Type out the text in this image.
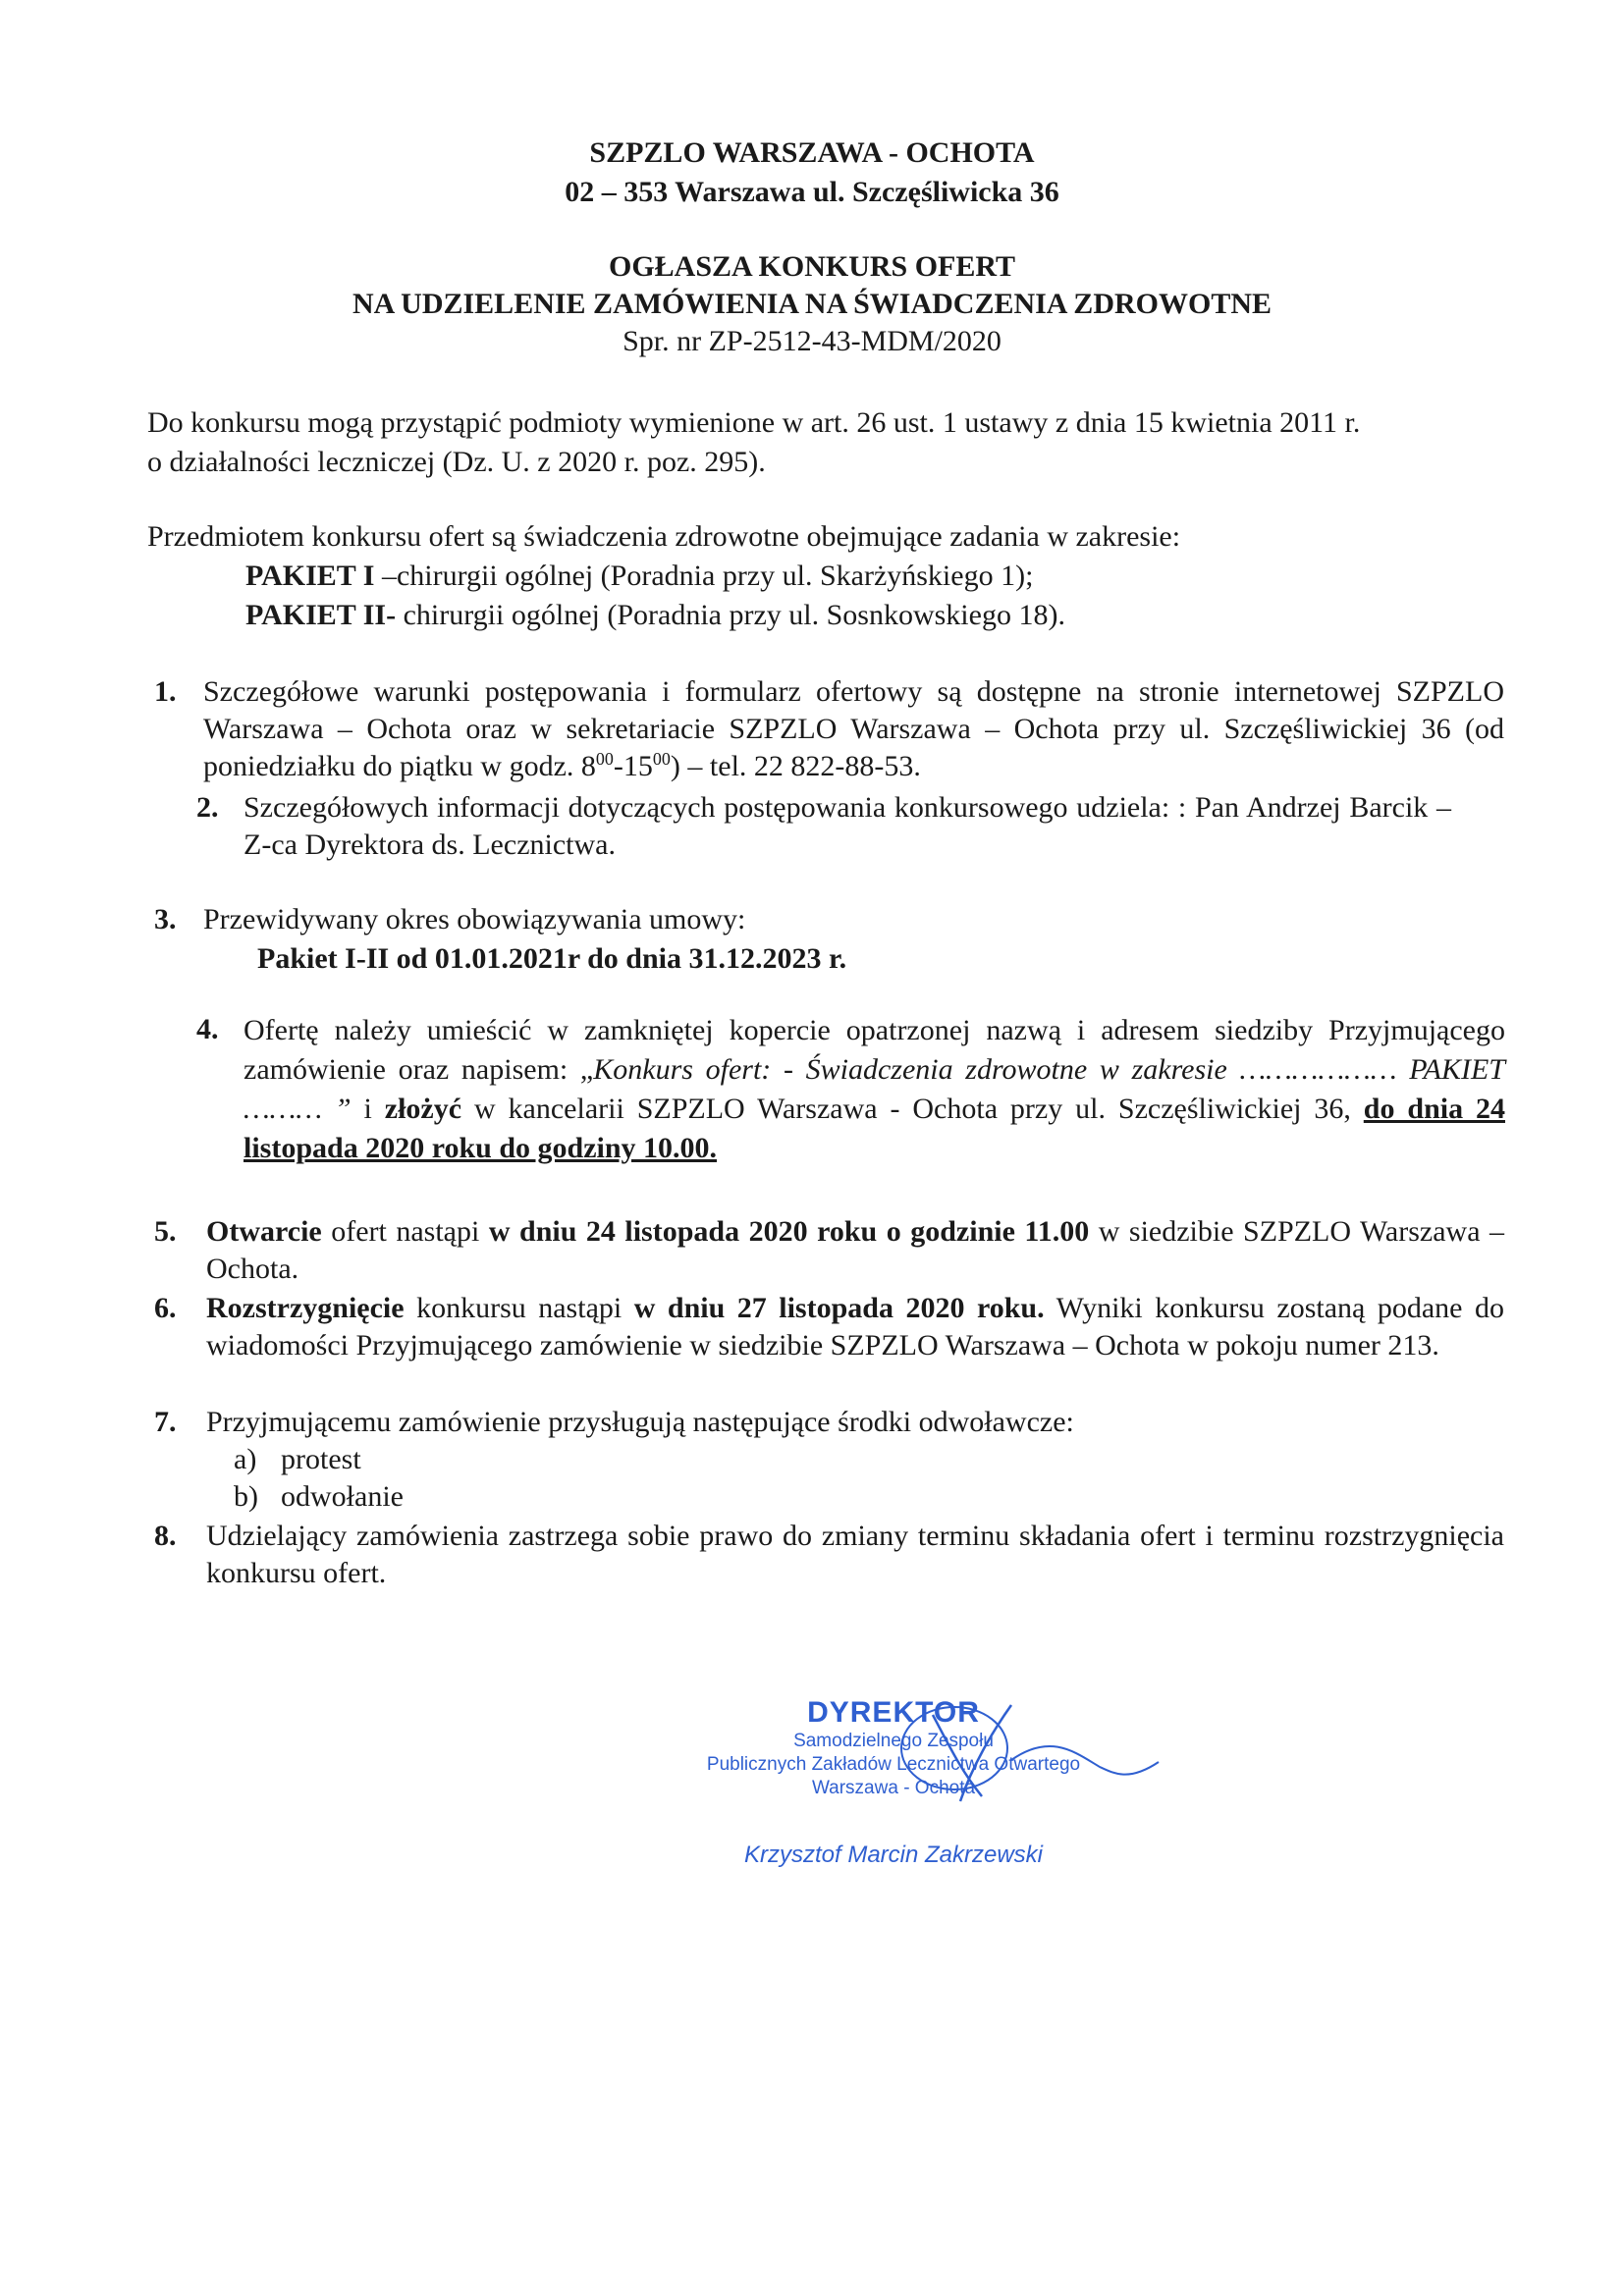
SZPZLO WARSZAWA - OCHOTA
02 – 353 Warszawa ul. Szczęśliwicka 36
OGŁASZA KONKURS OFERT
NA UDZIELENIE ZAMÓWIENIA NA ŚWIADCZENIA ZDROWOTNE
Spr. nr ZP-2512-43-MDM/2020
Do konkursu mogą przystąpić podmioty wymienione w art. 26 ust. 1 ustawy z dnia 15 kwietnia 2011 r.
o działalności leczniczej (Dz. U. z 2020 r. poz. 295).
Przedmiotem konkursu ofert są świadczenia zdrowotne obejmujące zadania w zakresie:
PAKIET I –chirurgii ogólnej (Poradnia przy ul. Skarżyńskiego 1);
PAKIET II- chirurgii ogólnej (Poradnia przy ul. Sosnkowskiego 18).
1. Szczegółowe warunki postępowania i formularz ofertowy są dostępne na stronie internetowej SZPZLO Warszawa – Ochota oraz w sekretariacie SZPZLO Warszawa – Ochota przy ul. Szczęśliwickiej 36 (od poniedziałku do piątku w godz. $8^{00}-15^{00}$) – tel. 22 822-88-53.
2. Szczegółowych informacji dotyczących postępowania konkursowego udziela: : Pan Andrzej Barcik – Z-ca Dyrektora ds. Lecznictwa.
3. Przewidywany okres obowiązywania umowy:
Pakiet I-II od 01.01.2021r do dnia 31.12.2023 r.
4. Ofertę należy umieścić w zamkniętej kopercie opatrzonej nazwą i adresem siedziby Przyjmującego zamówienie oraz napisem: „Konkurs ofert: - Świadczenia zdrowotne w zakresie ……………… PAKIET ……… ” i złożyć w kancelarii SZPZLO Warszawa - Ochota przy ul. Szczęśliwickiej 36, do dnia 24 listopada 2020 roku do godziny 10.00.
5. Otwarcie ofert nastąpi w dniu 24 listopada 2020 roku o godzinie 11.00 w siedzibie SZPZLO Warszawa – Ochota.
6. Rozstrzygnięcie konkursu nastąpi w dniu 27 listopada 2020 roku. Wyniki konkursu zostaną podane do wiadomości Przyjmującego zamówienie w siedzibie SZPZLO Warszawa – Ochota w pokoju numer 213.
7. Przyjmującemu zamówienie przysługują następujące środki odwoławcze:
a) protest
b) odwołanie
8. Udzielający zamówienia zastrzega sobie prawo do zmiany terminu składania ofert i terminu rozstrzygnięcia konkursu ofert.
DYREKTOR
Samodzielnego Zespołu
Publicznych Zakładów Lecznictwa Otwartego
Warszawa - Ochota
Krzysztof Marcin Zakrzewski
